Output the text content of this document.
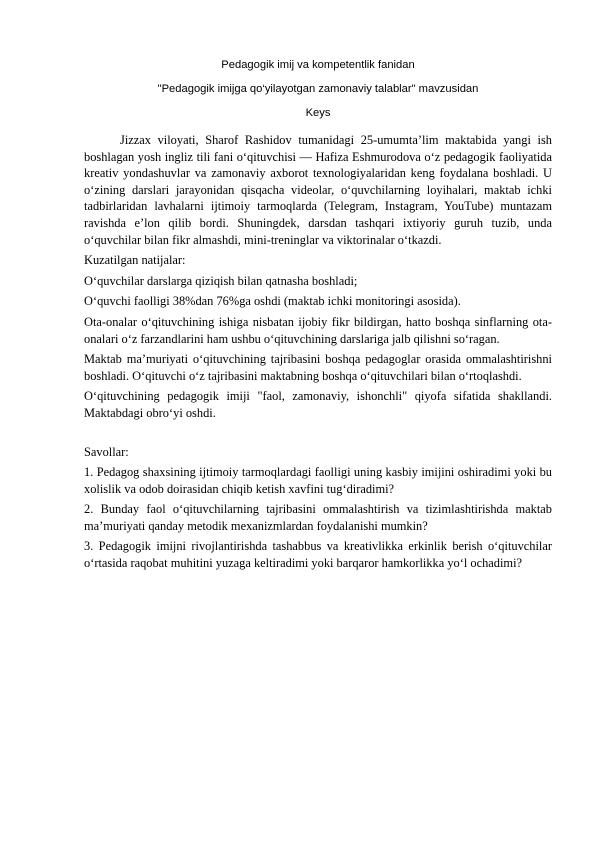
Pedagogik imij va kompetentlik fanidan
"Pedagogik imijga qo‘yilayotgan zamonaviy talablar" mavzusidan
Keys

Jizzax viloyati, Sharof Rashidov tumanidagi 25-umumta’lim maktabida yangi ish boshlagan yosh ingliz tili fani o‘qituvchisi — Hafiza Eshmurodova o‘z pedagogik faoliyatida kreativ yondashuvlar va zamonaviy axborot texnologiyalaridan keng foydalana boshladi. U o‘zining darslari jarayonidan qisqacha videolar, o‘quvchilarning loyihalari, maktab ichki tadbirlaridan lavhalarni ijtimoiy tarmoqlarda (Telegram, Instagram, YouTube) muntazam ravishda e’lon qilib bordi. Shuningdek, darsdan tashqari ixtiyoriy guruh tuzib, unda o‘quvchilar bilan fikr almashdi, mini-treninglar va viktorinalar o‘tkazdi.

Kuzatilgan natijalar:

O‘quvchilar darslarga qiziqish bilan qatnasha boshladi;

O‘quvchi faolligi 38%dan 76%ga oshdi (maktab ichki monitoringi asosida).

Ota-onalar o‘qituvchining ishiga nisbatan ijobiy fikr bildirgan, hatto boshqa sinflarning ota-onalari o‘z farzandlarini ham ushbu o‘qituvchining darslariga jalb qilishni so‘ragan.

Maktab ma’muriyati o‘qituvchining tajribasini boshqa pedagoglar orasida ommalashtirishni boshladi. O‘qituvchi o‘z tajribasini maktabning boshqa o‘qituvchilari bilan o‘rtoqlashdi.

O‘qituvchining pedagogik imiji "faol, zamonaviy, ishonchli" qiyofa sifatida shakllandi. Maktabdagi obro‘yi oshdi.

Savollar:

1. Pedagog shaxsining ijtimoiy tarmoqlardagi faolligi uning kasbiy imijini oshiradimi yoki bu xolislik va odob doirasidan chiqib ketish xavfini tug‘diradimi?

2. Bunday faol o‘qituvchilarning tajribasini ommalashtirish va tizimlashtirishda maktab ma’muriyati qanday metodik mexanizmlardan foydalanishi mumkin?

3. Pedagogik imijni rivojlantirishda tashabbus va kreativlikka erkinlik berish o‘qituvchilar o‘rtasida raqobat muhitini yuzaga keltiradimi yoki barqaror hamkorlikka yo‘l ochadimi?
